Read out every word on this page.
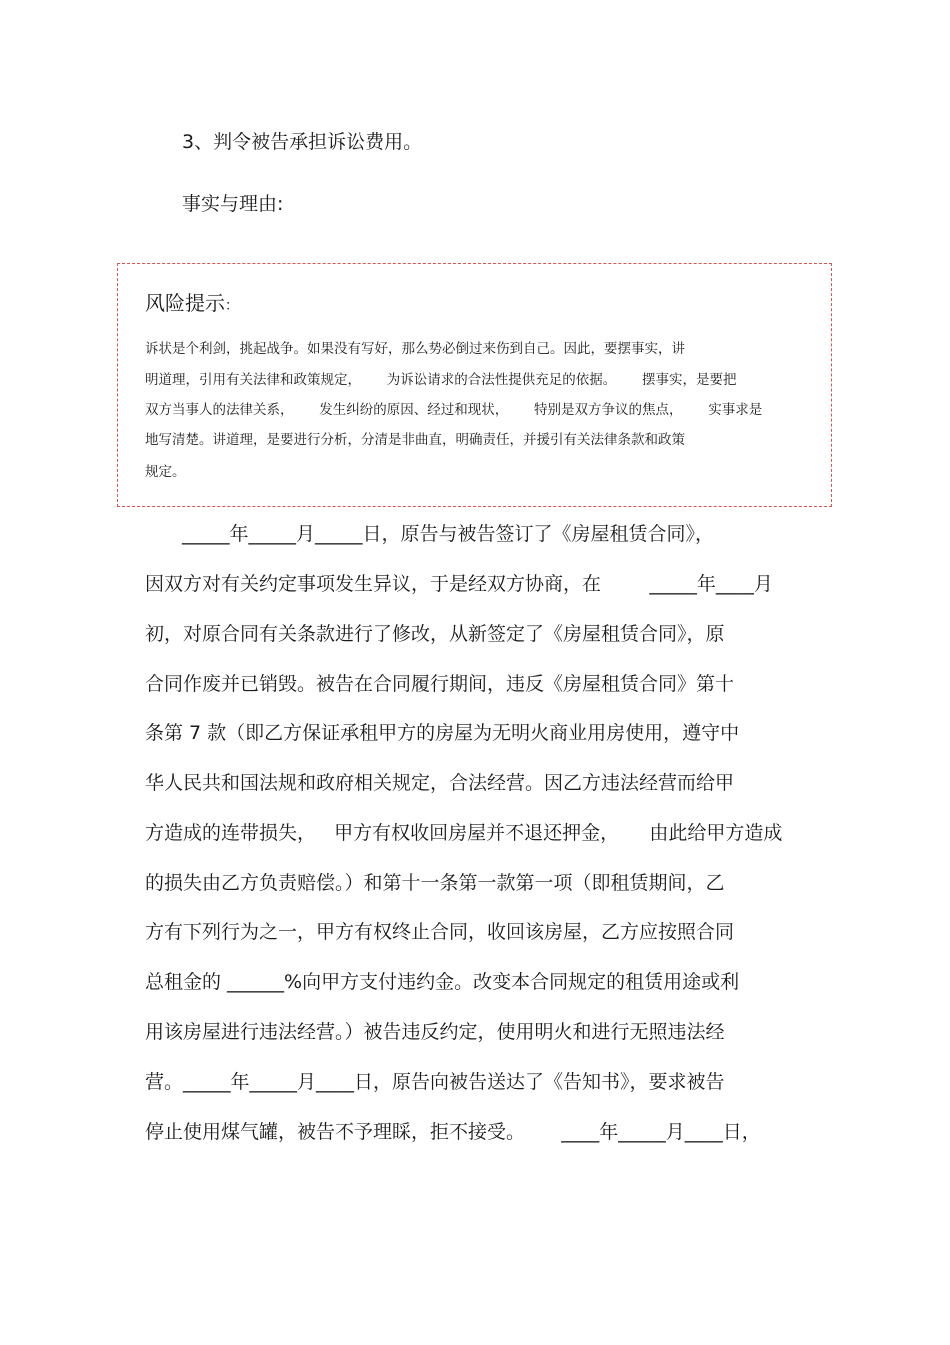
3、判令被告承担诉讼费用。
事实与理由:
风险提示：
诉状是个利剑，挑起战争。如果没有写好，那么势必倒过来伤到自己。因此，要摆事实，讲
明道理，引用有关法律和政策规定，      为诉讼请求的合法性提供充足的依据。      摆事实，是要把
双方当事人的法律关系，      发生纠纷的原因、经过和现状，      特别是双方争议的焦点，      实事求是
地写清楚。讲道理，是要进行分析，分清是非曲直，明确责任，并援引有关法律条款和政策
规定。
_____年_____月_____日，原告与被告签订了《房屋租赁合同》，
因双方对有关约定事项发生异议，于是经双方协商，在        _____年____月
初，对原合同有关条款进行了修改，从新签定了《房屋租赁合同》，原
合同作废并已销毁。被告在合同履行期间，违反《房屋租赁合同》第十
条第 7 款（即乙方保证承租甲方的房屋为无明火商业用房使用，遵守中
华人民共和国法规和政府相关规定，合法经营。因乙方违法经营而给甲
方造成的连带损失，   甲方有权收回房屋并不退还押金，     由此给甲方造成
的损失由乙方负责赔偿。）和第十一条第一款第一项（即租赁期间，乙
方有下列行为之一，甲方有权终止合同，收回该房屋，乙方应按照合同
总租金的 ______%向甲方支付违约金。改变本合同规定的租赁用途或利
用该房屋进行违法经营。）被告违反约定，使用明火和进行无照违法经
营。_____年_____月____日，原告向被告送达了《告知书》，要求被告
停止使用煤气罐，被告不予理睬，拒不接受。      ____年_____月____日，
